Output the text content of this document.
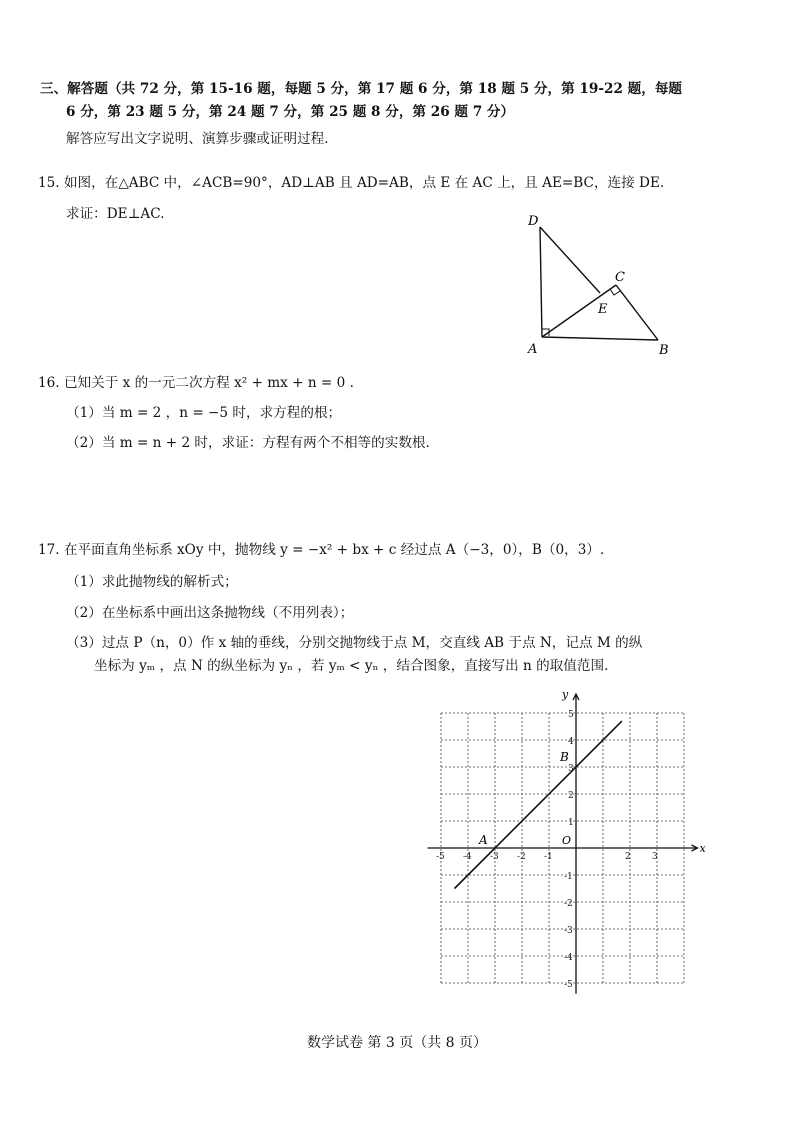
三、解答题（共 72 分，第 15-16 题，每题 5 分，第 17 题 6 分，第 18 题 5 分，第 19-22 题，每题
6 分，第 23 题 5 分，第 24 题 7 分，第 25 题 8 分，第 26 题 7 分）
解答应写出文字说明、演算步骤或证明过程.
15. 如图，在△ABC 中，∠ACB=90°，AD⊥AB 且 AD=AB，点 E 在 AC 上，且 AE=BC，连接 DE.
求证：DE⊥AC.	D
C
E
A	B
16. 已知关于 x 的一元二次方程 x² + mx + n = 0 .
（1）当 m = 2 ，n = −5 时，求方程的根；
（2）当 m = n + 2 时，求证：方程有两个不相等的实数根.
17. 在平面直角坐标系 xOy 中，抛物线 y = −x² + bx + c 经过点 A（−3，0），B（0，3）.
（1）求此抛物线的解析式；
（2）在坐标系中画出这条抛物线（不用列表）；
（3）过点 P（n，0）作 x 轴的垂线，分别交抛物线于点 M，交直线 AB 于点 N，记点 M 的纵
坐标为 yₘ ，点 N 的纵坐标为 yₙ ，若 yₘ < yₙ ，结合图象，直接写出 n 的取值范围.
-5 -4 -3 -2 -1	2 3
5
4
3
2
1
-1
-2
-3
-4
-5
x
y
O
A
B
数学试卷 第 3 页（共 8 页）
